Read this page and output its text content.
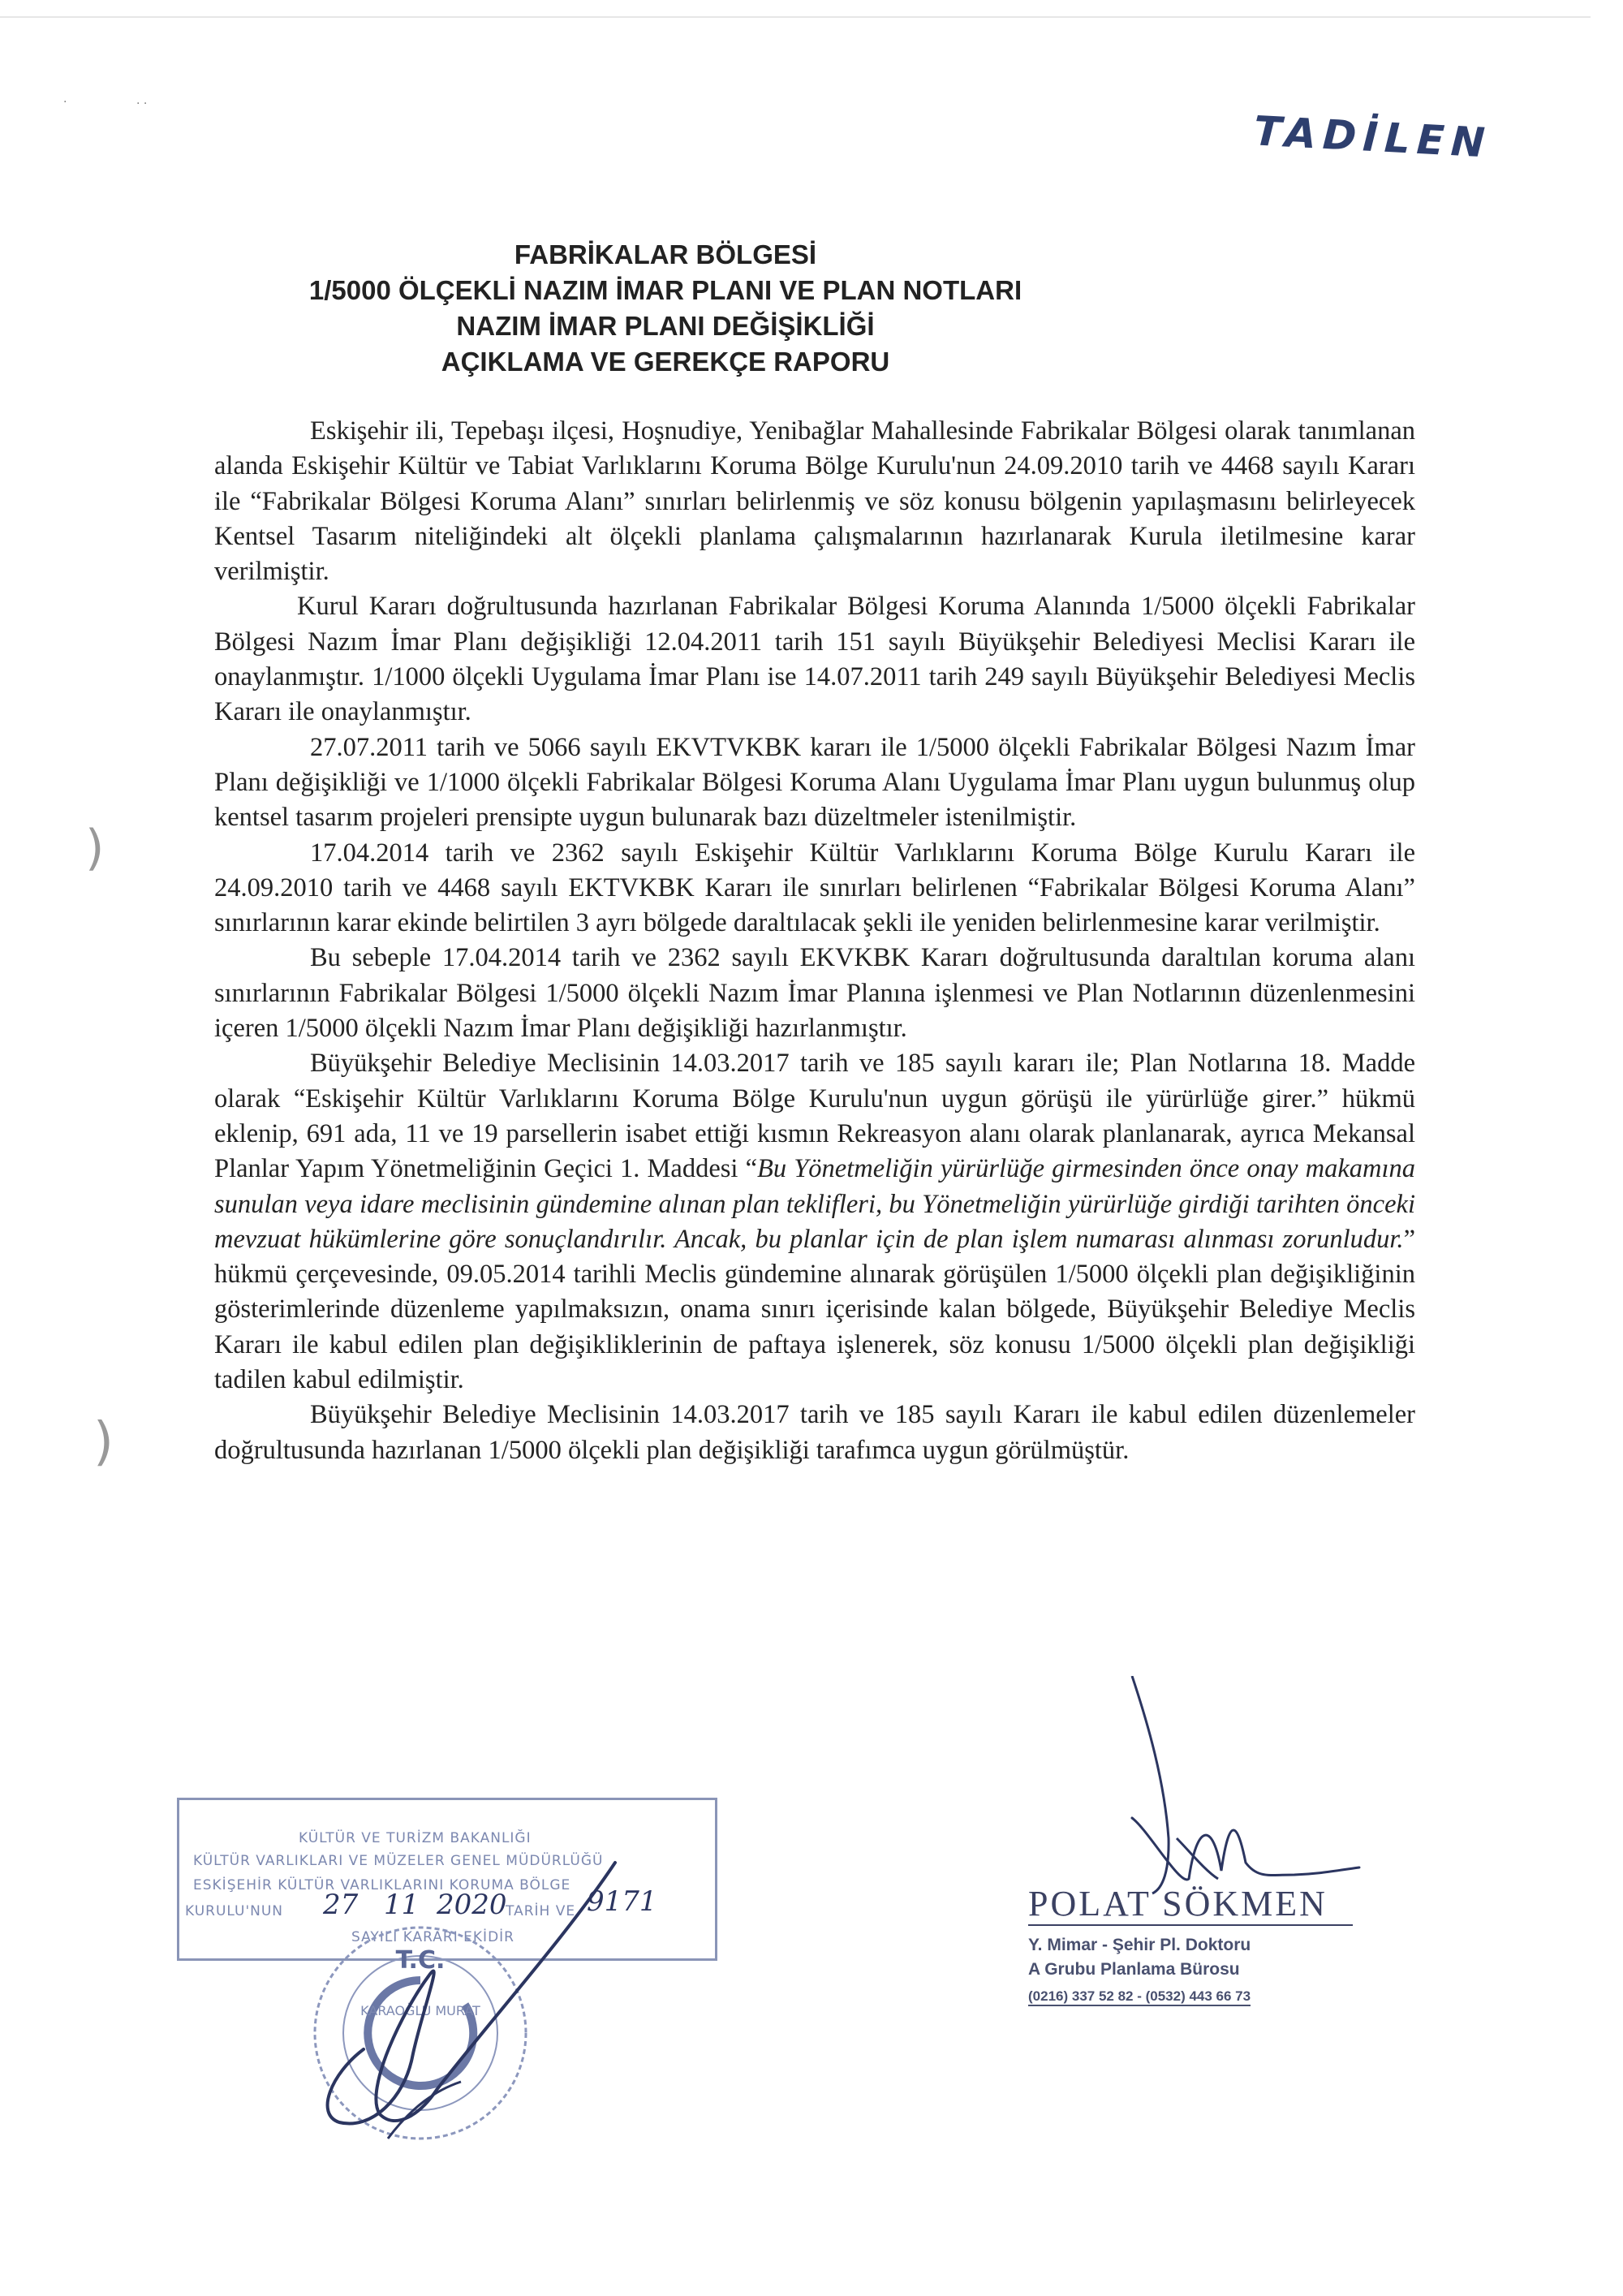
TADİLEN
·	· ·
)
)
FABRİKALAR BÖLGESİ
1/5000 ÖLÇEKLİ NAZIM İMAR PLANI VE PLAN NOTLARI
NAZIM İMAR PLANI DEĞİŞİKLİĞİ
AÇIKLAMA VE GEREKÇE RAPORU

Eskişehir ili, Tepebaşı ilçesi, Hoşnudiye, Yenibağlar Mahallesinde Fabrikalar Bölgesi olarak tanımlanan alanda Eskişehir Kültür ve Tabiat Varlıklarını Koruma Bölge Kurulu'nun 24.09.2010 tarih ve 4468 sayılı Kararı ile “Fabrikalar Bölgesi Koruma Alanı” sınırları belirlenmiş ve söz konusu bölgenin yapılaşmasını belirleyecek Kentsel Tasarım niteliğindeki alt ölçekli planlama çalışmalarının hazırlanarak Kurula iletilmesine karar verilmiştir.

Kurul Kararı doğrultusunda hazırlanan Fabrikalar Bölgesi Koruma Alanında 1/5000 ölçekli Fabrikalar Bölgesi Nazım İmar Planı değişikliği 12.04.2011 tarih 151 sayılı Büyükşehir Belediyesi Meclisi Kararı ile onaylanmıştır. 1/1000 ölçekli Uygulama İmar Planı ise 14.07.2011 tarih 249 sayılı Büyükşehir Belediyesi Meclis Kararı ile onaylanmıştır.

27.07.2011 tarih ve 5066 sayılı EKVTVKBK kararı ile 1/5000 ölçekli Fabrikalar Bölgesi Nazım İmar Planı değişikliği ve 1/1000 ölçekli Fabrikalar Bölgesi Koruma Alanı Uygulama İmar Planı uygun bulunmuş olup kentsel tasarım projeleri prensipte uygun bulunarak bazı düzeltmeler istenilmiştir.

17.04.2014 tarih ve 2362 sayılı Eskişehir Kültür Varlıklarını Koruma Bölge Kurulu Kararı ile 24.09.2010 tarih ve 4468 sayılı EKTVKBK Kararı ile sınırları belirlenen “Fabrikalar Bölgesi Koruma Alanı” sınırlarının karar ekinde belirtilen 3 ayrı bölgede daraltılacak şekli ile yeniden belirlenmesine karar verilmiştir.

Bu sebeple 17.04.2014 tarih ve 2362 sayılı EKVKBK Kararı doğrultusunda daraltılan koruma alanı sınırlarının Fabrikalar Bölgesi 1/5000 ölçekli Nazım İmar Planına işlenmesi ve Plan Notlarının düzenlenmesini içeren 1/5000 ölçekli Nazım İmar Planı değişikliği hazırlanmıştır.

Büyükşehir Belediye Meclisinin 14.03.2017 tarih ve 185 sayılı kararı ile; Plan Notlarına 18. Madde olarak “Eskişehir Kültür Varlıklarını Koruma Bölge Kurulu'nun uygun görüşü ile yürürlüğe girer.” hükmü eklenip, 691 ada, 11 ve 19 parsellerin isabet ettiği kısmın Rekreasyon alanı olarak planlanarak, ayrıca Mekansal Planlar Yapım Yönetmeliğinin Geçici 1. Maddesi “Bu Yönetmeliğin yürürlüğe girmesinden önce onay makamına sunulan veya idare meclisinin gündemine alınan plan teklifleri, bu Yönetmeliğin yürürlüğe girdiği tarihten önceki mevzuat hükümlerine göre sonuçlandırılır. Ancak, bu planlar için de plan işlem numarası alınması zorunludur.” hükmü çerçevesinde, 09.05.2014 tarihli Meclis gündemine alınarak görüşülen 1/5000 ölçekli plan değişikliğinin gösterimlerinde düzenleme yapılmaksızın, onama sınırı içerisinde kalan bölgede, Büyükşehir Belediye Meclis Kararı ile kabul edilen plan değişikliklerinin de paftaya işlenerek, söz konusu 1/5000 ölçekli plan değişikliği tadilen kabul edilmiştir.

Büyükşehir Belediye Meclisinin 14.03.2017 tarih ve 185 sayılı Kararı ile kabul edilen düzenlemeler doğrultusunda hazırlanan 1/5000 ölçekli plan değişikliği tarafımca uygun görülmüştür.

KÜLTÜR VE TURİZM BAKANLIĞI
KÜLTÜR VARLIKLARI VE MÜZELER GENEL MÜDÜRLÜĞÜ
ESKİŞEHİR KÜLTÜR VARLIKLARINI KORUMA BÖLGE
KURULU'NUN 27 11 2020
TARİH VE 9171
SAYILI KARARI EKİDİR
T.C.
KARAOĞLU MURAT
POLAT SÖKMEN
Y. Mimar - Şehir Pl. Doktoru
A Grubu Planlama Bürosu
(0216) 337 52 82 - (0532) 443 66 73
